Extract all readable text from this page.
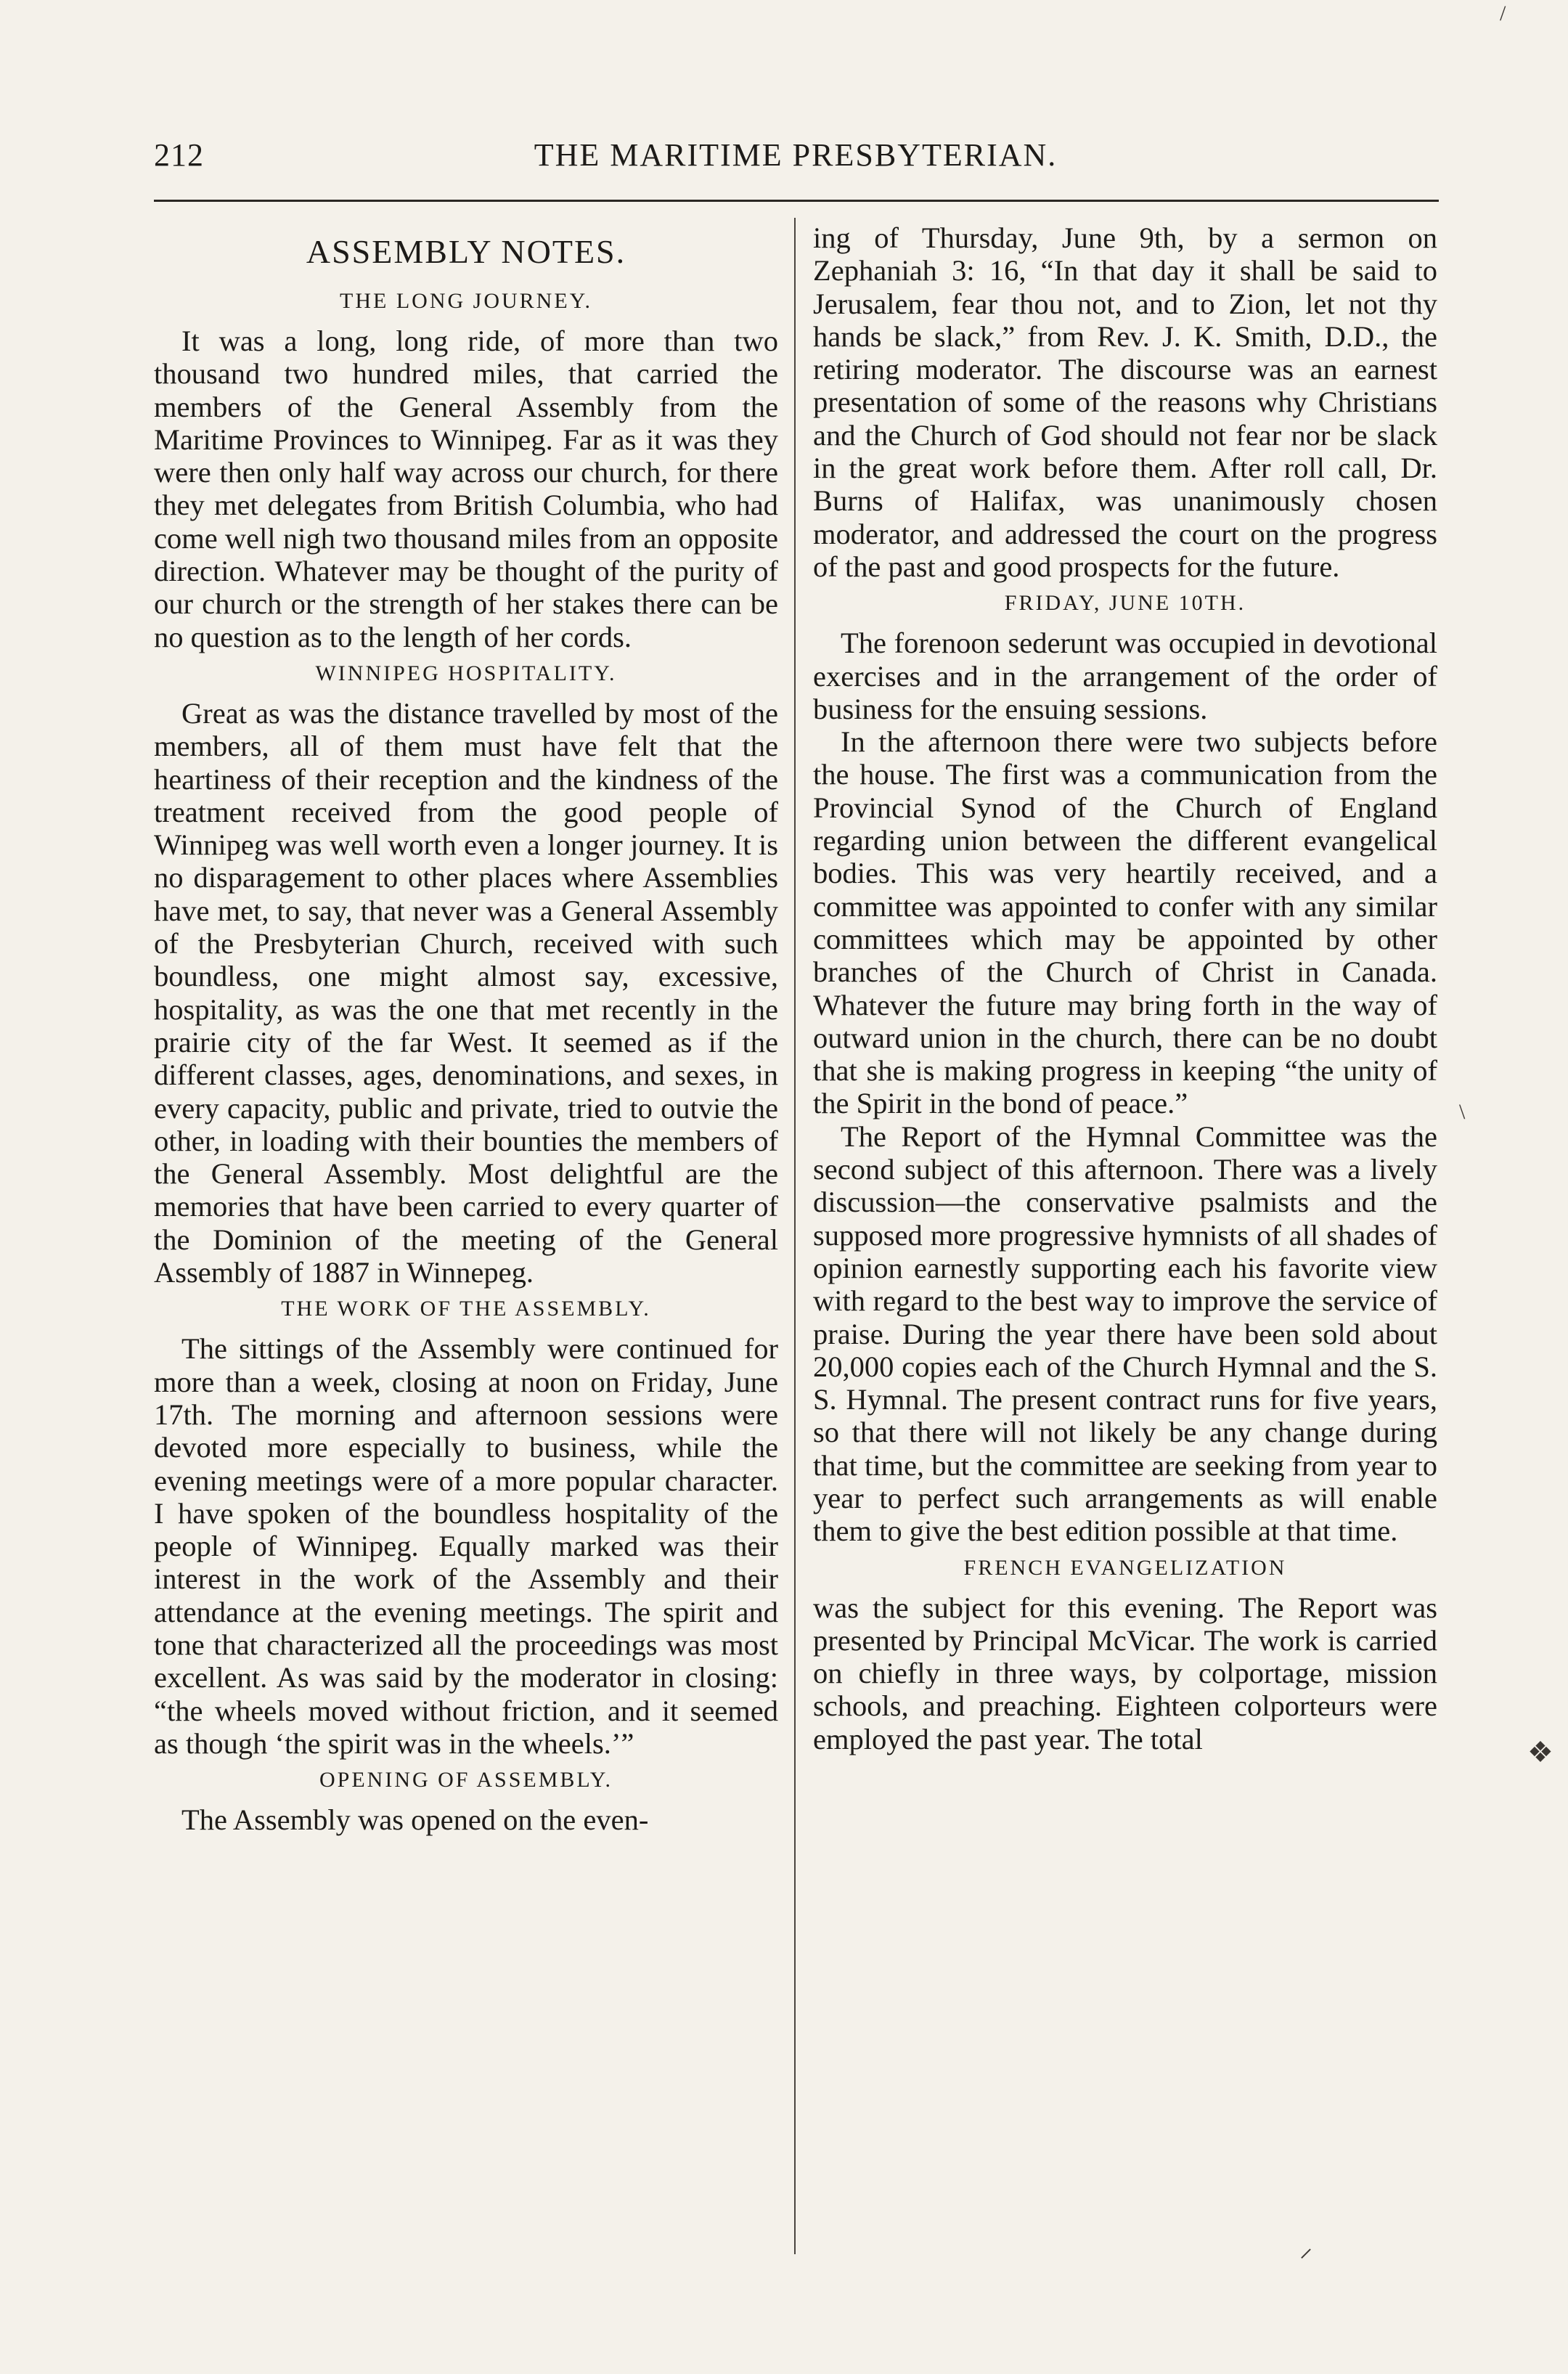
/
212	THE MARITIME PRESBYTERIAN.
ASSEMBLY NOTES.
THE LONG JOURNEY.

It was a long, long ride, of more than two thousand two hundred miles, that carried the members of the General Assembly from the Maritime Provinces to Winnipeg. Far as it was they were then only half way across our church, for there they met delegates from British Columbia, who had come well nigh two thousand miles from an opposite direction. Whatever may be thought of the purity of our church or the strength of her stakes there can be no question as to the length of her cords.

WINNIPEG HOSPITALITY.

Great as was the distance travelled by most of the members, all of them must have felt that the heartiness of their reception and the kindness of the treatment received from the good people of Winnipeg was well worth even a longer journey. It is no disparagement to other places where Assemblies have met, to say, that never was a General Assembly of the Presbyterian Church, received with such boundless, one might almost say, excessive, hospitality, as was the one that met recently in the prairie city of the far West. It seemed as if the different classes, ages, denominations, and sexes, in every capacity, public and private, tried to outvie the other, in loading with their bounties the members of the General Assembly. Most delightful are the memories that have been carried to every quarter of the Dominion of the meeting of the General Assembly of 1887 in Winnepeg.

THE WORK OF THE ASSEMBLY.

The sittings of the Assembly were continued for more than a week, closing at noon on Friday, June 17th. The morning and afternoon sessions were devoted more especially to business, while the evening meetings were of a more popular character. I have spoken of the boundless hospitality of the people of Winnipeg. Equally marked was their interest in the work of the Assembly and their attendance at the evening meetings. The spirit and tone that characterized all the proceedings was most excellent. As was said by the moderator in closing: “the wheels moved without friction, and it seemed as though ‘the spirit was in the wheels.’”

OPENING OF ASSEMBLY.

The Assembly was opened on the even-

ing of Thursday, June 9th, by a sermon on Zephaniah 3: 16, “In that day it shall be said to Jerusalem, fear thou not, and to Zion, let not thy hands be slack,” from Rev. J. K. Smith, D.D., the retiring moderator. The discourse was an earnest presentation of some of the reasons why Christians and the Church of God should not fear nor be slack in the great work before them. After roll call, Dr. Burns of Halifax, was unanimously chosen moderator, and addressed the court on the progress of the past and good prospects for the future.

FRIDAY, JUNE 10TH.

The forenoon sederunt was occupied in devotional exercises and in the arrangement of the order of business for the ensuing sessions.

In the afternoon there were two subjects before the house. The first was a communication from the Provincial Synod of the Church of England regarding union between the different evangelical bodies. This was very heartily received, and a committee was appointed to confer with any similar committees which may be appointed by other branches of the Church of Christ in Canada. Whatever the future may bring forth in the way of outward union in the church, there can be no doubt that she is making progress in keeping “the unity of the Spirit in the bond of peace.”

The Report of the Hymnal Committee was the second subject of this afternoon. There was a lively discussion—the conservative psalmists and the supposed more progressive hymnists of all shades of opinion earnestly supporting each his favorite view with regard to the best way to improve the service of praise. During the year there have been sold about 20,000 copies each of the Church Hymnal and the S. S. Hymnal. The present contract runs for five years, so that there will not likely be any change during that time, but the committee are seeking from year to year to perfect such arrangements as will enable them to give the best edition possible at that time.

FRENCH EVANGELIZATION

was the subject for this evening. The Report was presented by Principal McVicar. The work is carried on chiefly in three ways, by colportage, mission schools, and preaching. Eighteen colporteurs were employed the past year. The total

\
❖
⸝
